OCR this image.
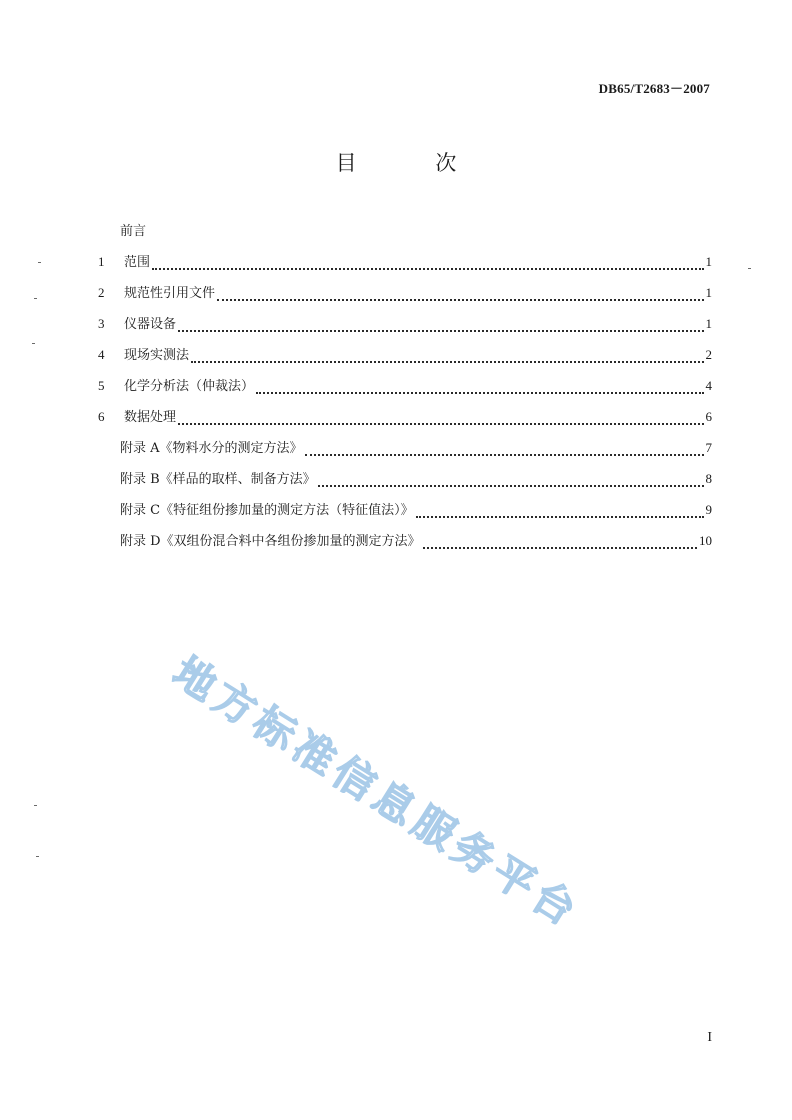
DB65/T2683－2007
目 次
前言
1	范围	1
2	规范性引用文件	1
3	仪器设备	1
4	现场实测法	2
5	化学分析法（仲裁法）	4
6	数据处理	6
附录 A《物料水分的测定方法》	7
附录 B《样品的取样、制备方法》	8
附录 C《特征组份掺加量的测定方法（特征值法）》	9
附录 D《双组份混合料中各组份掺加量的测定方法》	10
地方标准信息服务平台
I
